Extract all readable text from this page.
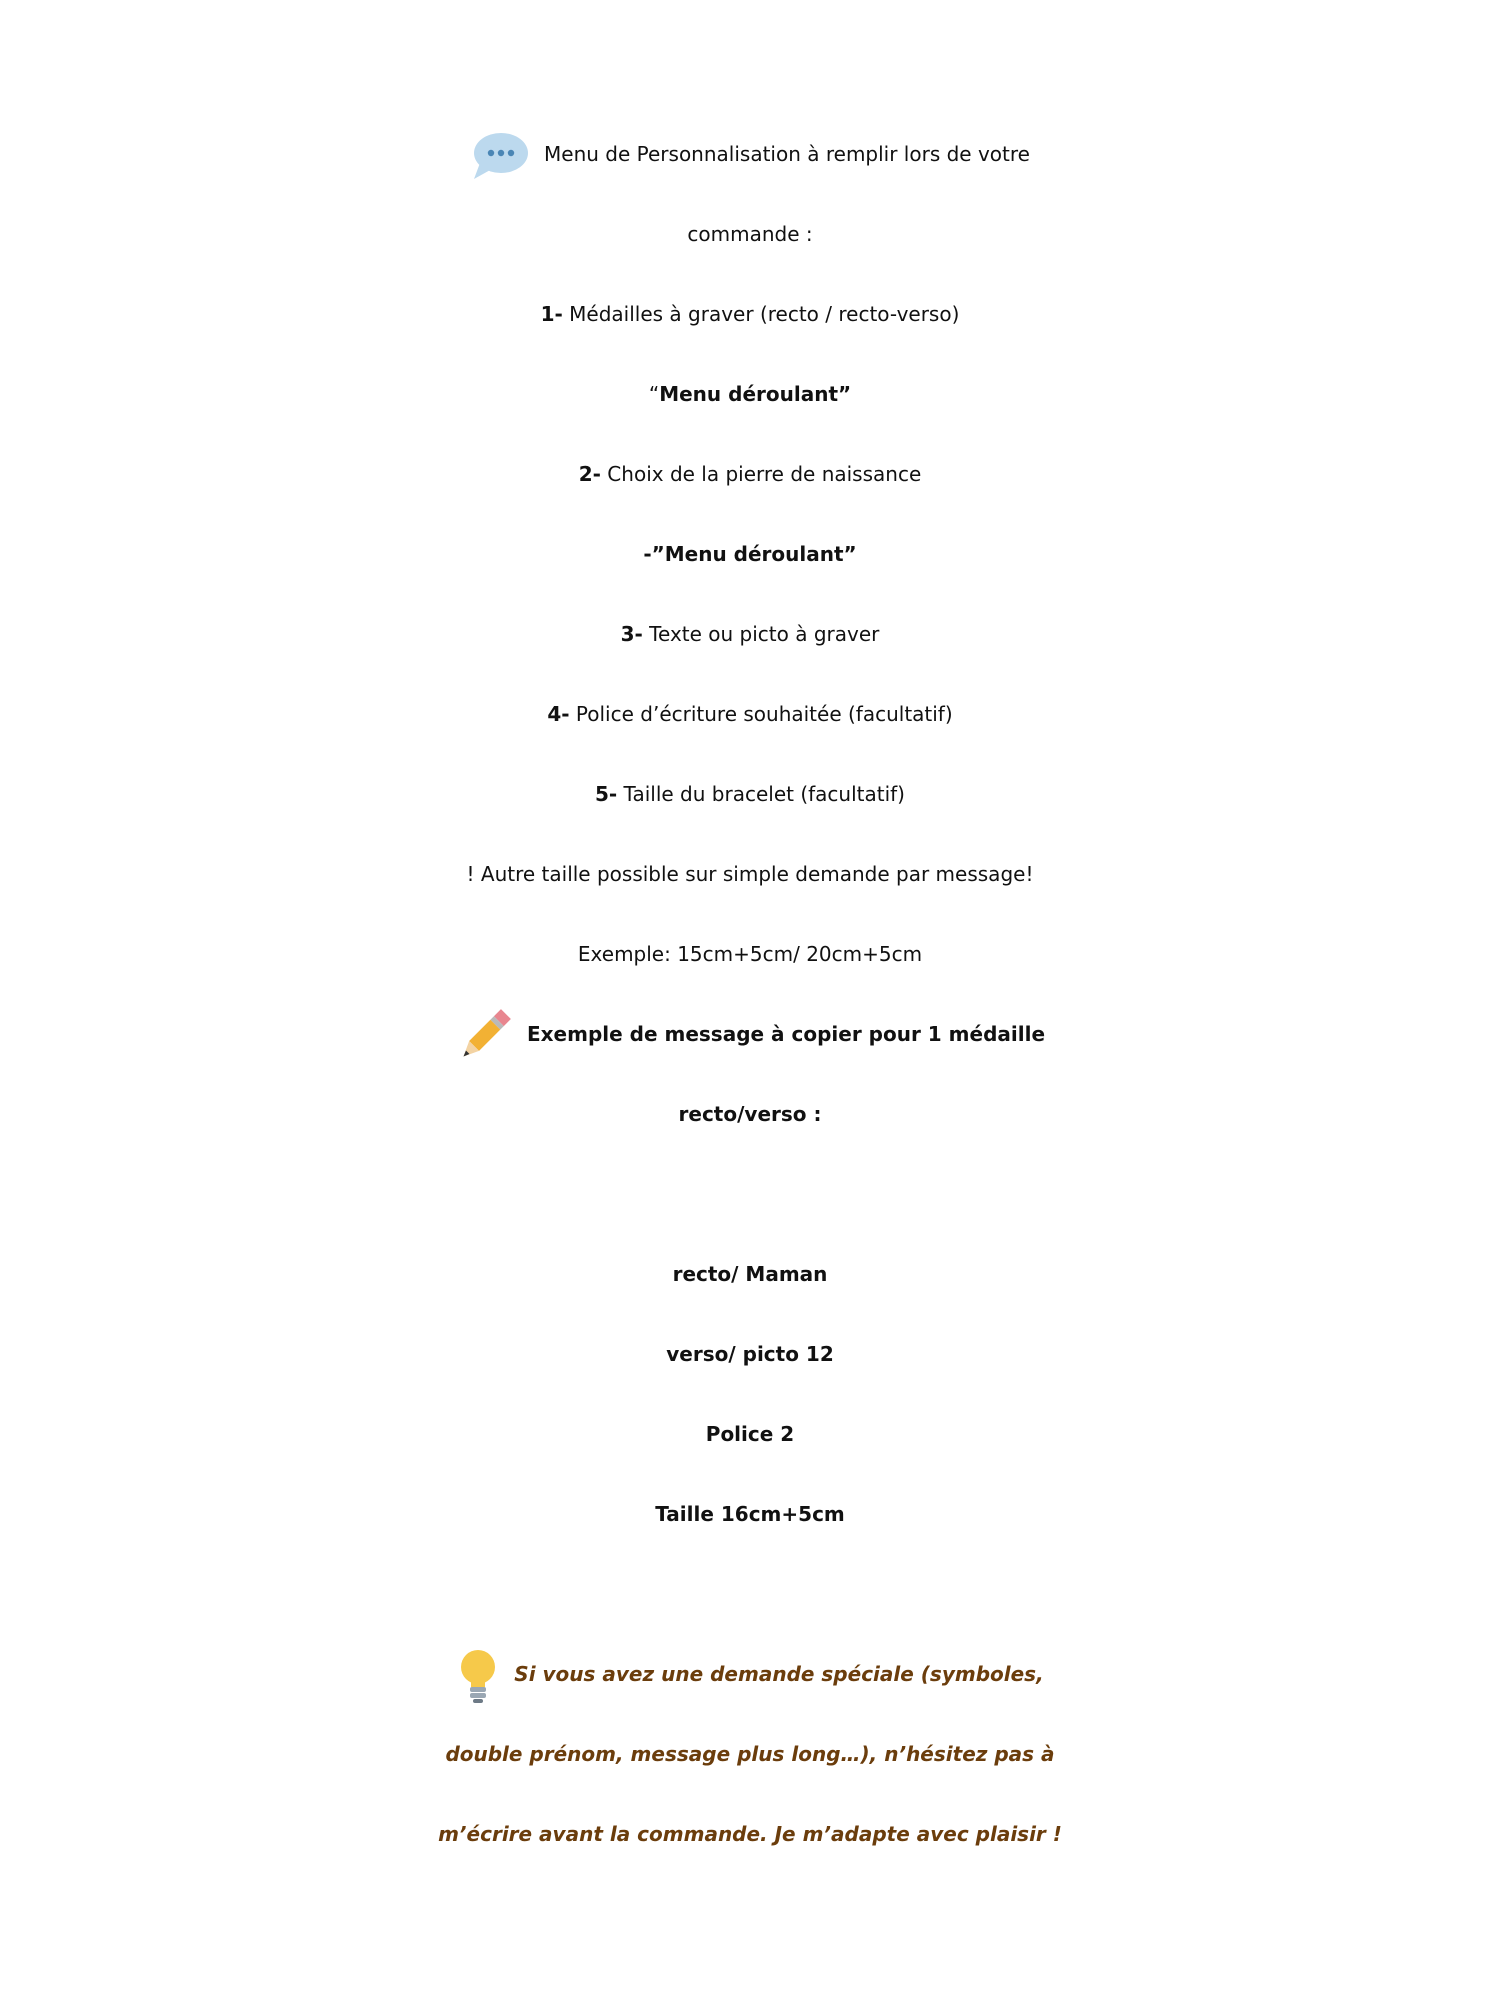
Menu de Personnalisation à remplir lors de votre
commande :
1- Médailles à graver (recto / recto-verso)
“Menu déroulant”
2- Choix de la pierre de naissance
-”Menu déroulant”
3- Texte ou picto à graver
4- Police d’écriture souhaitée (facultatif)
5- Taille du bracelet (facultatif)
! Autre taille possible sur simple demande par message!
Exemple: 15cm+5cm/ 20cm+5cm
Exemple de message à copier pour 1 médaille
recto/verso :
recto/ Maman
verso/ picto 12
Police 2
Taille 16cm+5cm
Si vous avez une demande spéciale (symboles,
double prénom, message plus long…), n’hésitez pas à
m’écrire avant la commande. Je m’adapte avec plaisir !
